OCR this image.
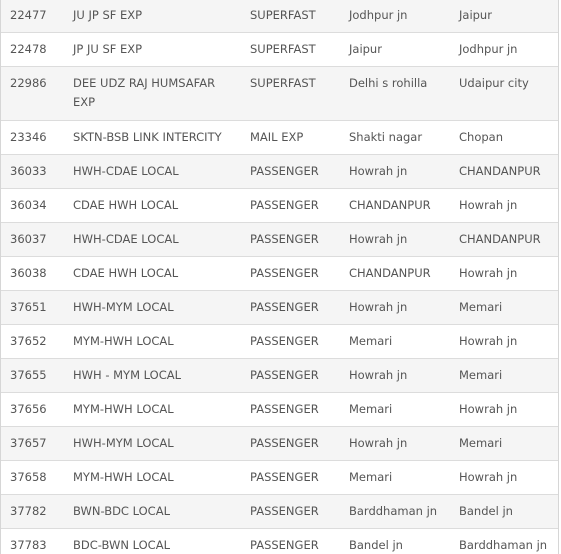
22477	JU JP SF EXP	SUPERFAST	Jodhpur jn	Jaipur
22478	JP JU SF EXP	SUPERFAST	Jaipur	Jodhpur jn
22986	DEE UDZ RAJ HUMSAFAR EXP	SUPERFAST	Delhi s rohilla	Udaipur city
23346	SKTN-BSB LINK INTERCITY	MAIL EXP	Shakti nagar	Chopan
36033	HWH-CDAE LOCAL	PASSENGER	Howrah jn	CHANDANPUR
36034	CDAE HWH LOCAL	PASSENGER	CHANDANPUR	Howrah jn
36037	HWH-CDAE LOCAL	PASSENGER	Howrah jn	CHANDANPUR
36038	CDAE HWH LOCAL	PASSENGER	CHANDANPUR	Howrah jn
37651	HWH-MYM LOCAL	PASSENGER	Howrah jn	Memari
37652	MYM-HWH LOCAL	PASSENGER	Memari	Howrah jn
37655	HWH - MYM LOCAL	PASSENGER	Howrah jn	Memari
37656	MYM-HWH LOCAL	PASSENGER	Memari	Howrah jn
37657	HWH-MYM LOCAL	PASSENGER	Howrah jn	Memari
37658	MYM-HWH LOCAL	PASSENGER	Memari	Howrah jn
37782	BWN-BDC LOCAL	PASSENGER	Barddhaman jn	Bandel jn
37783	BDC-BWN LOCAL	PASSENGER	Bandel jn	Barddhaman jn
